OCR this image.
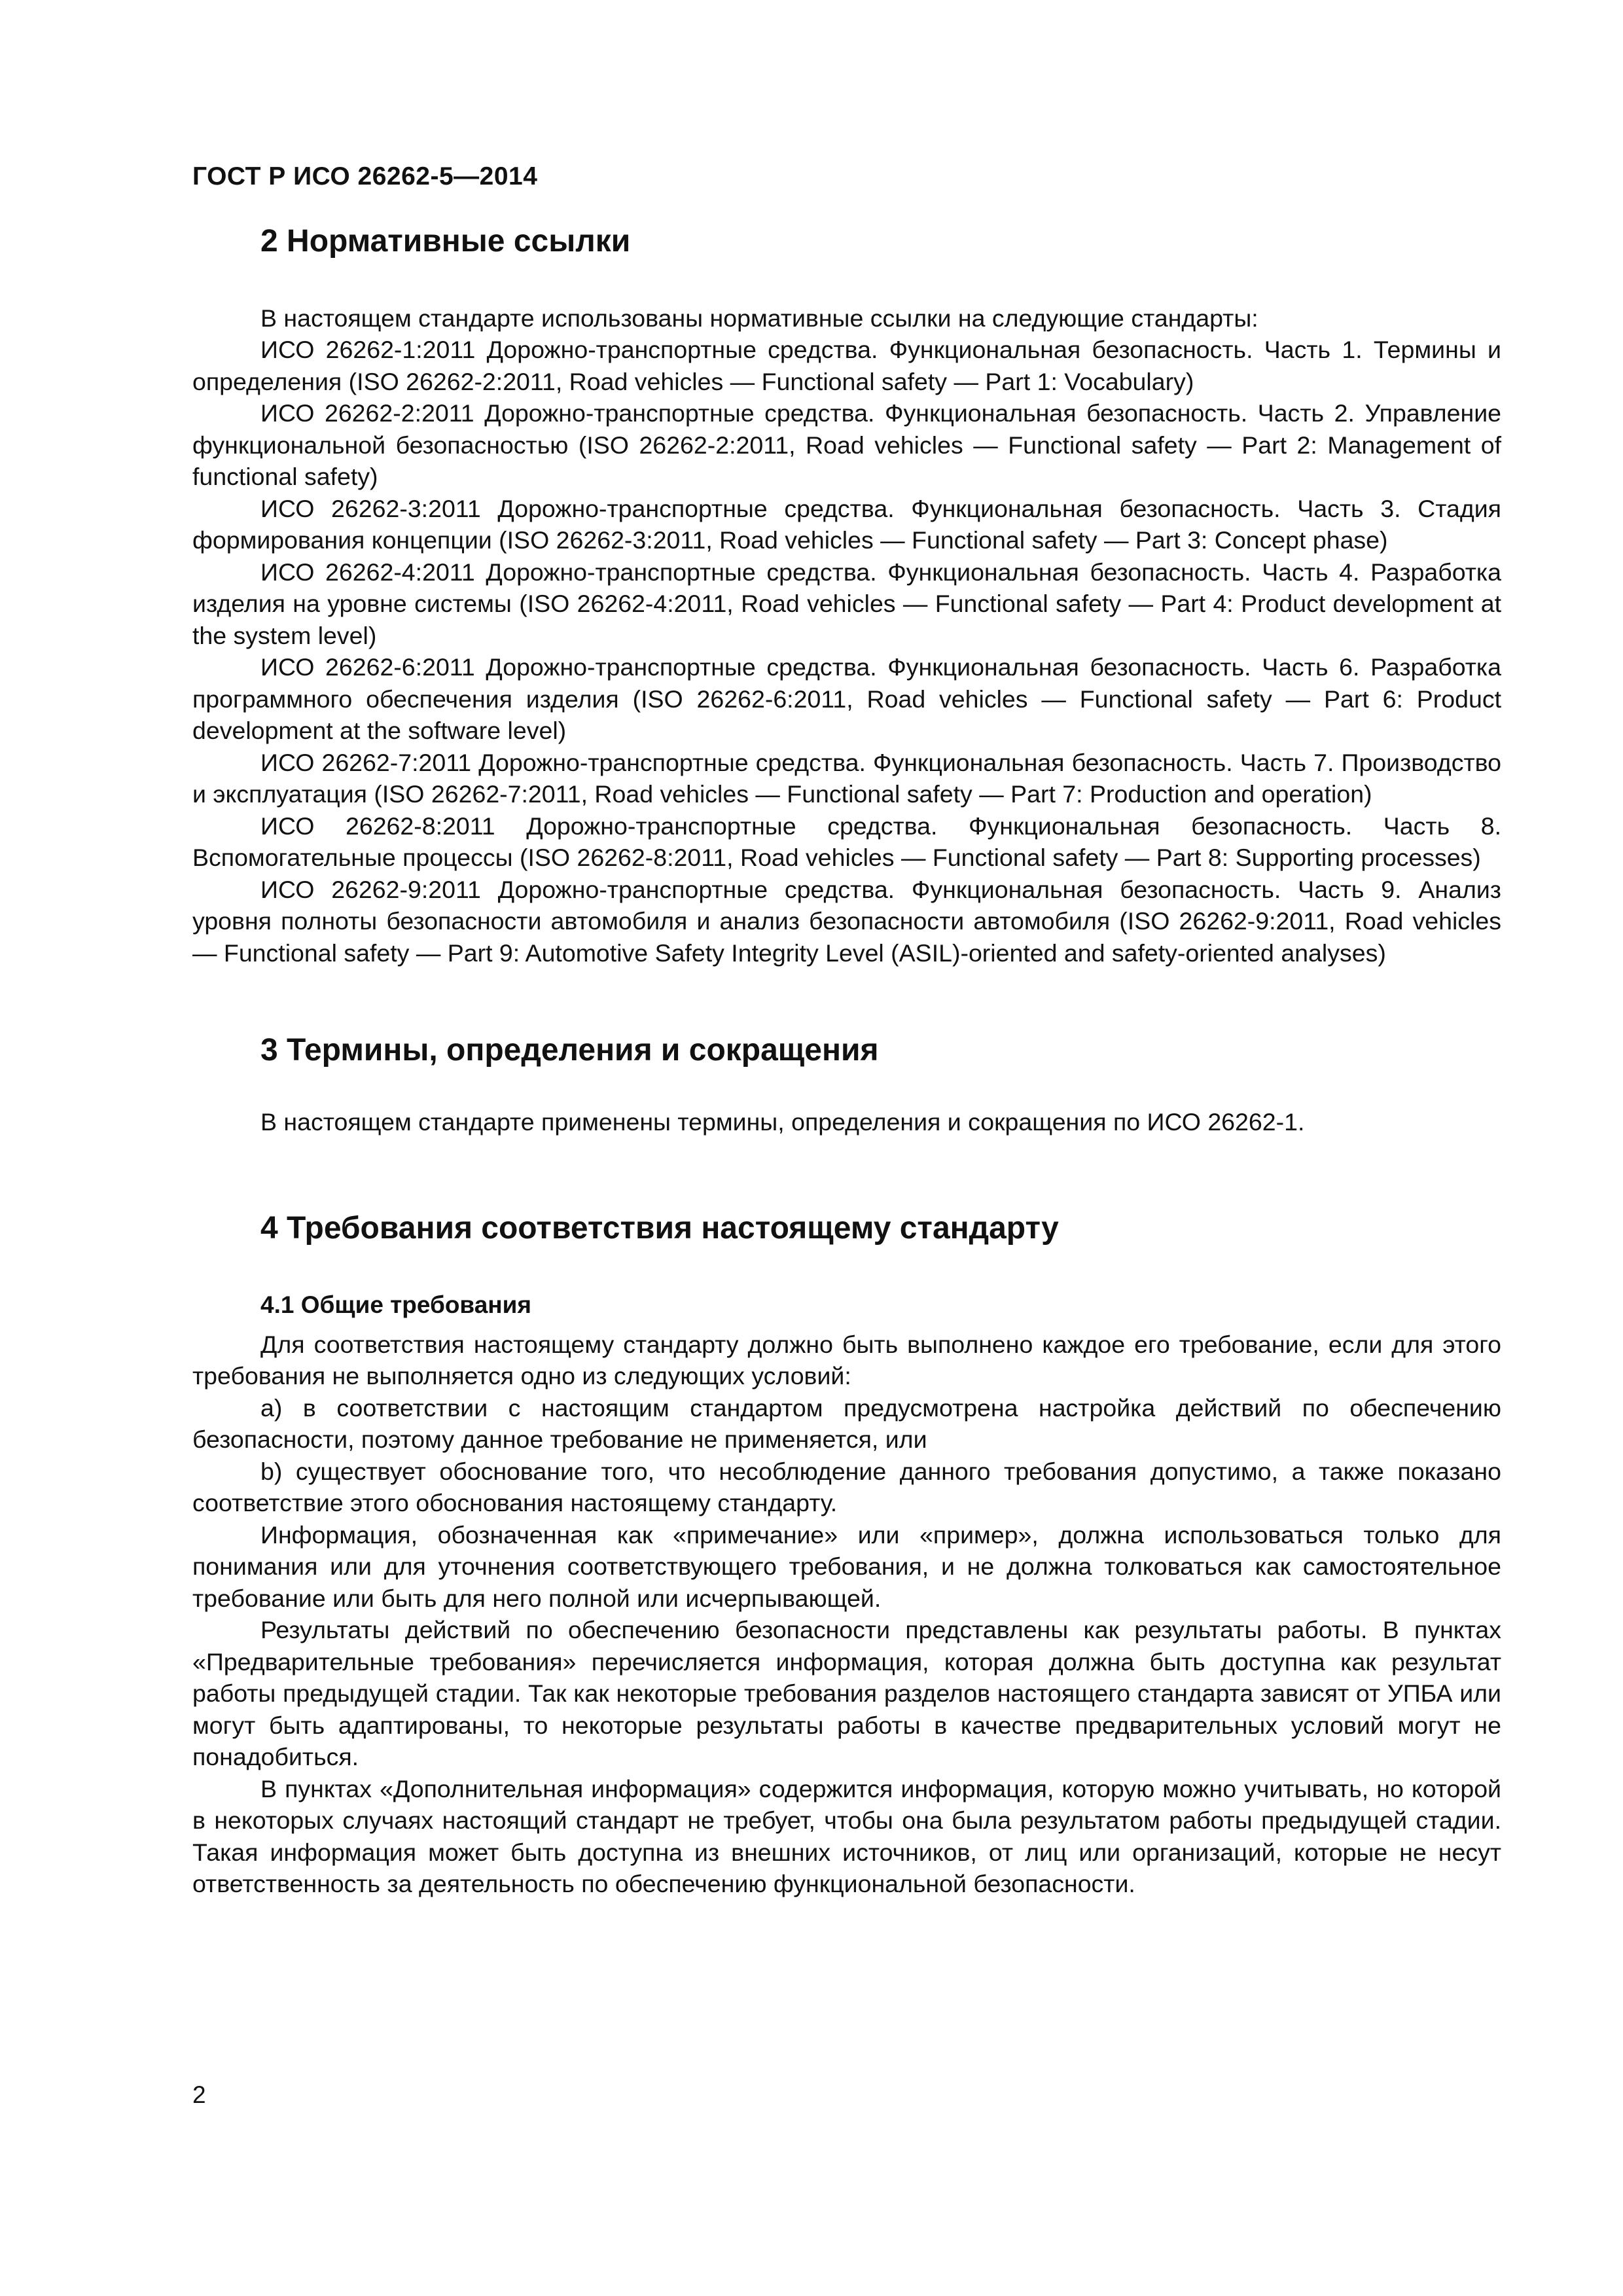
ГОСТ Р ИСО 26262-5—2014
2 Нормативные ссылки

В настоящем стандарте использованы нормативные ссылки на следующие стандарты:

ИСО 26262-1:2011 Дорожно-транспортные средства. Функциональная безопасность. Часть 1. Термины и определения (ISO 26262-2:2011, Road vehicles — Functional safety — Part 1: Vocabulary)

ИСО 26262-2:2011 Дорожно-транспортные средства. Функциональная безопасность. Часть 2. Управление функциональной безопасностью (ISO 26262-2:2011, Road vehicles — Functional safety — Part 2: Management of functional safety)

ИСО 26262-3:2011 Дорожно-транспортные средства. Функциональная безопасность. Часть 3. Стадия формирования концепции (ISO 26262-3:2011, Road vehicles — Functional safety — Part 3: Concept phase)

ИСО 26262-4:2011 Дорожно-транспортные средства. Функциональная безопасность. Часть 4. Разработка изделия на уровне системы (ISO 26262-4:2011, Road vehicles — Functional safety — Part 4: Product development at the system level)

ИСО 26262-6:2011 Дорожно-транспортные средства. Функциональная безопасность. Часть 6. Разработка программного обеспечения изделия (ISO 26262-6:2011, Road vehicles — Functional safety — Part 6: Product development at the software level)

ИСО 26262-7:2011 Дорожно-транспортные средства. Функциональная безопасность. Часть 7. Производство и эксплуатация (ISO 26262-7:2011, Road vehicles — Functional safety — Part 7: Production and operation)

ИСО 26262-8:2011 Дорожно-транспортные средства. Функциональная безопасность. Часть 8. Вспомогательные процессы (ISO 26262-8:2011, Road vehicles — Functional safety — Part 8: Supporting processes)

ИСО 26262-9:2011 Дорожно-транспортные средства. Функциональная безопасность. Часть 9. Анализ уровня полноты безопасности автомобиля и анализ безопасности автомобиля (ISO 26262-9:2011, Road vehicles — Functional safety — Part 9: Automotive Safety Integrity Level (ASIL)-oriented and safety-oriented analyses)

3 Термины, определения и сокращения

В настоящем стандарте применены термины, определения и сокращения по ИСО 26262-1.

4 Требования соответствия настоящему стандарту
4.1 Общие требования

Для соответствия настоящему стандарту должно быть выполнено каждое его требование, если для этого требования не выполняется одно из следующих условий:

a) в соответствии с настоящим стандартом предусмотрена настройка действий по обеспечению безопасности, поэтому данное требование не применяется, или

b) существует обоснование того, что несоблюдение данного требования допустимо, а также показано соответствие этого обоснования настоящему стандарту.

Информация, обозначенная как «примечание» или «пример», должна использоваться только для понимания или для уточнения соответствующего требования, и не должна толковаться как самостоятельное требование или быть для него полной или исчерпывающей.

Результаты действий по обеспечению безопасности представлены как результаты работы. В пунктах «Предварительные требования» перечисляется информация, которая должна быть доступна как результат работы предыдущей стадии. Так как некоторые требования разделов настоящего стандарта зависят от УПБА или могут быть адаптированы, то некоторые результаты работы в качестве предварительных условий могут не понадобиться.

В пунктах «Дополнительная информация» содержится информация, которую можно учитывать, но которой в некоторых случаях настоящий стандарт не требует, чтобы она была результатом работы предыдущей стадии. Такая информация может быть доступна из внешних источников, от лиц или организаций, которые не несут ответственность за деятельность по обеспечению функциональной безопасности.

2
